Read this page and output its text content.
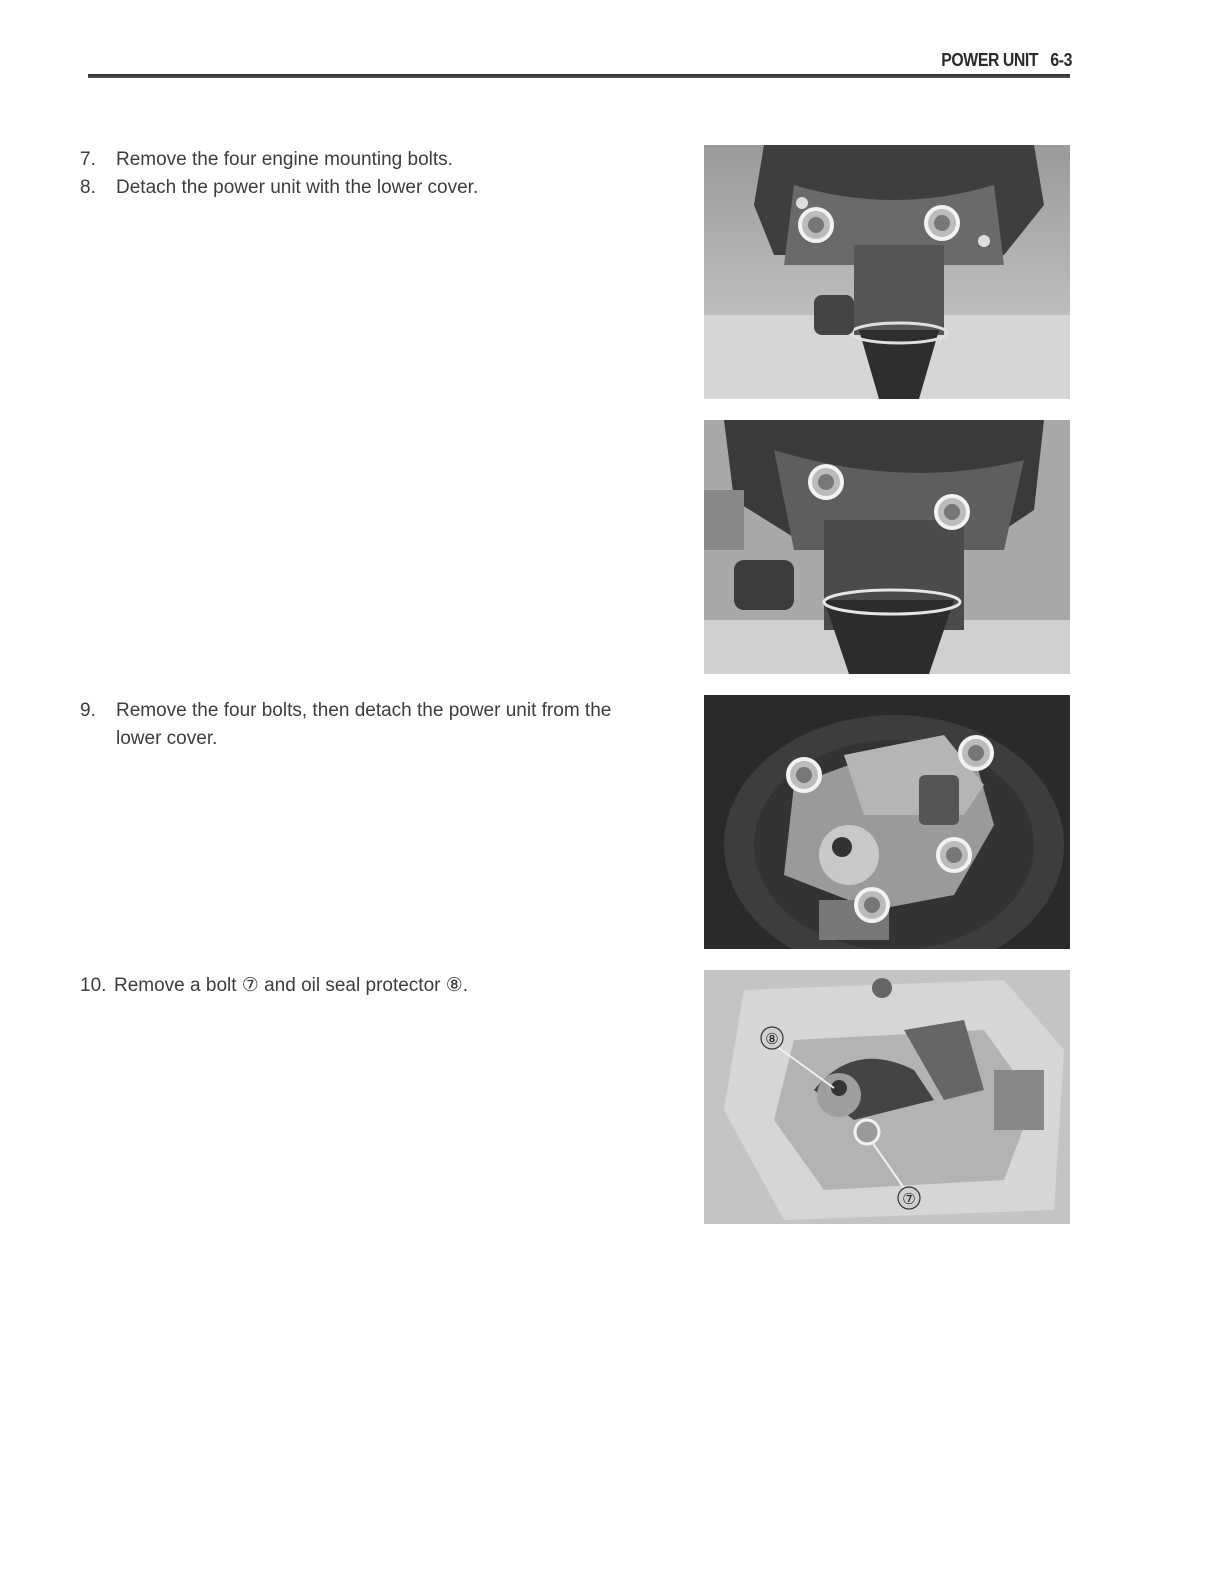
POWER UNIT 6-3
7. Remove the four engine mounting bolts.
8. Detach the power unit with the lower cover.
9. Remove the four bolts, then detach the power unit from the
lower cover.
10. Remove a bolt ⑦ and oil seal protector ⑧.
⑧
⑦
